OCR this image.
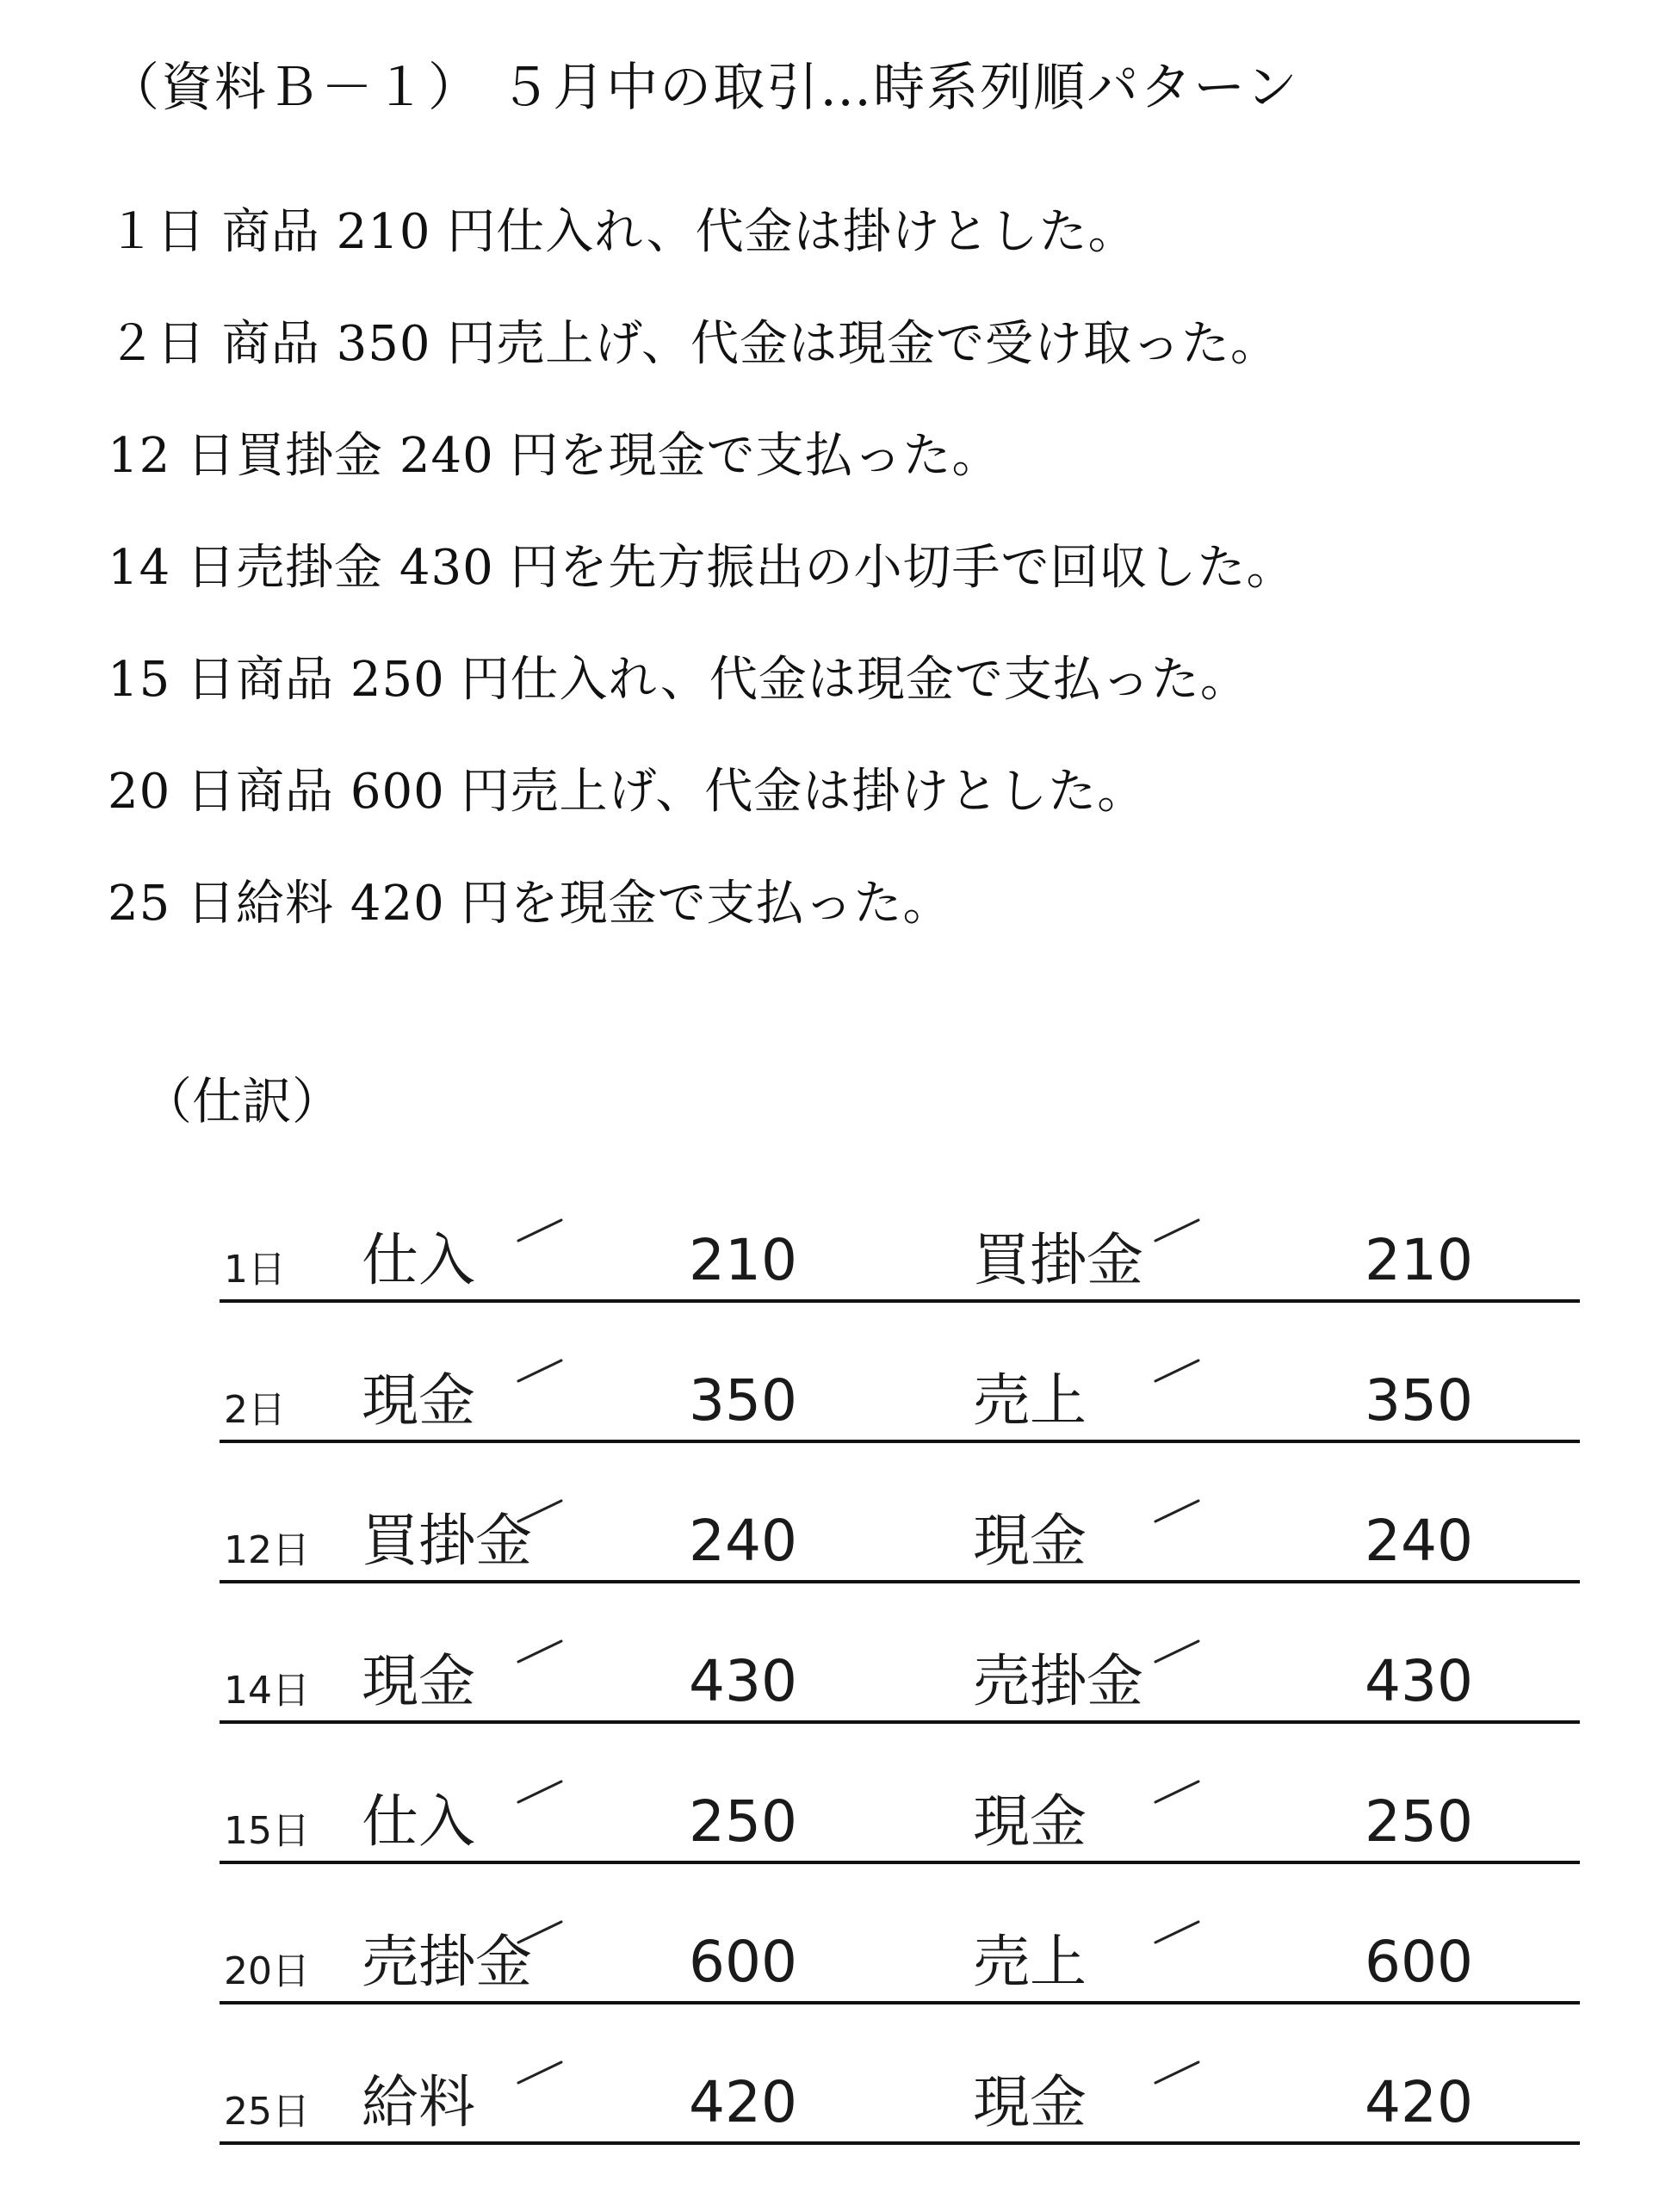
（資料Ｂ－１） ５月中の取引…時系列順パターン
１日 商品 210 円仕入れ、代金は掛けとした。
２日 商品 350 円売上げ、代金は現金で受け取った。
12 日買掛金 240 円を現金で支払った。
14 日売掛金 430 円を先方振出の小切手で回収した。
15 日商品 250 円仕入れ、代金は現金で支払った。
20 日商品 600 円売上げ、代金は掛けとした。
25 日給料 420 円を現金で支払った。
（仕訳）
1日 仕入	210	買掛金	210
2日 現金	350	売上	350
12日 買掛金	240	現金	240
14日 現金	430	売掛金	430
15日 仕入	250	現金	250
20日 売掛金	600	売上	600
25日 給料	420	現金	420
